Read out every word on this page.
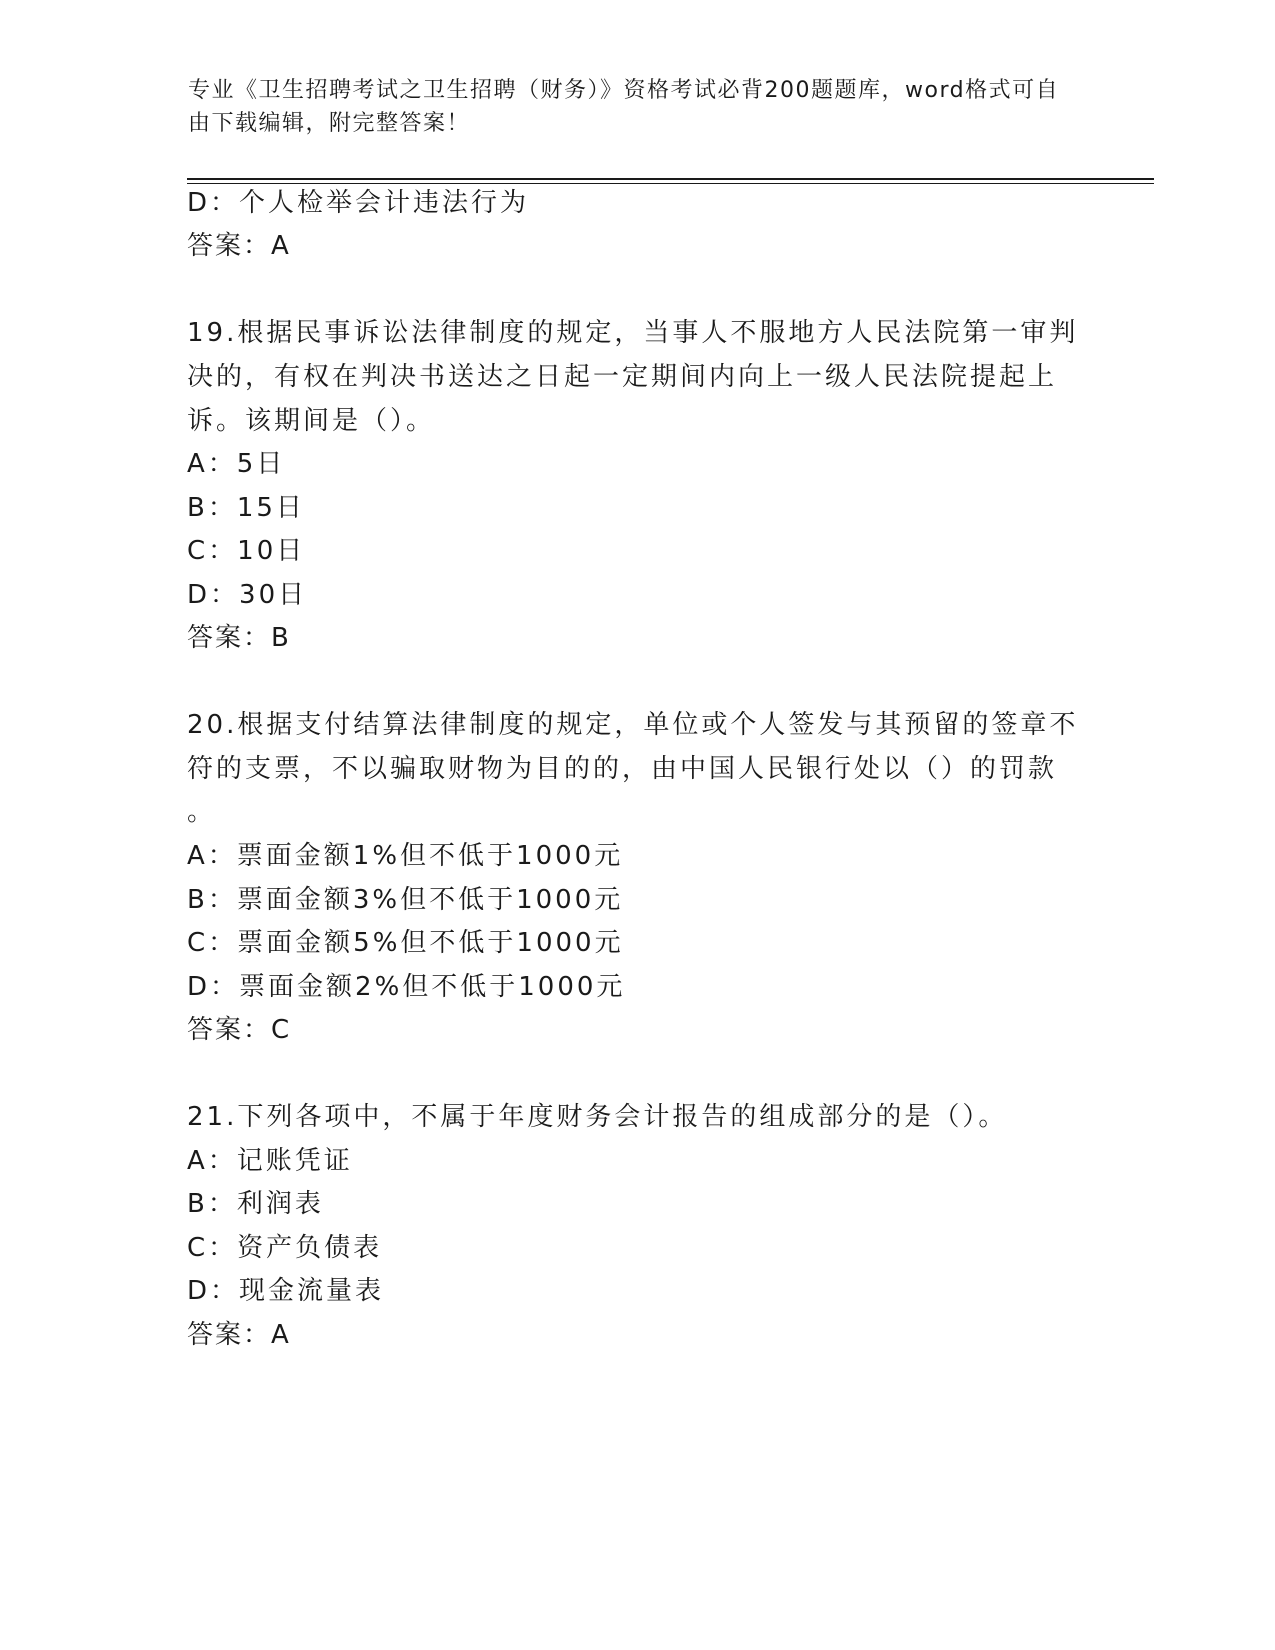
专业《卫生招聘考试之卫生招聘（财务）》资格考试必背200题题库，word格式可自由下载编辑，附完整答案！
D：个人检举会计违法行为
答案：A
19.根据民事诉讼法律制度的规定，当事人不服地方人民法院第一审判
决的，有权在判决书送达之日起一定期间内向上一级人民法院提起上
诉。该期间是（）。
A：5日
B：15日
C：10日
D：30日
答案：B
20.根据支付结算法律制度的规定，单位或个人签发与其预留的签章不
符的支票，不以骗取财物为目的的，由中国人民银行处以（）的罚款
。
A：票面金额1%但不低于1000元
B：票面金额3%但不低于1000元
C：票面金额5%但不低于1000元
D：票面金额2%但不低于1000元
答案：C
21.下列各项中，不属于年度财务会计报告的组成部分的是（）。
A：记账凭证
B：利润表
C：资产负债表
D：现金流量表
答案：A
